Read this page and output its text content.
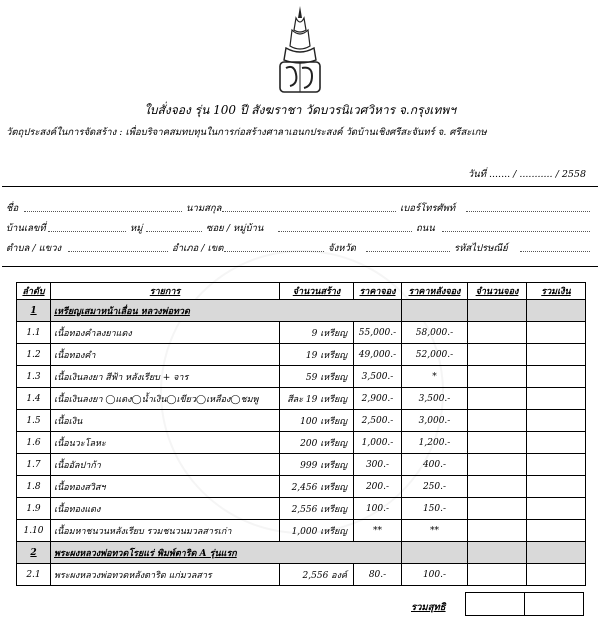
ใบสั่งจอง รุ่น 100 ปี สังฆราชา วัดบวรนิเวศวิหาร จ.กรุงเทพฯ
วัตถุประสงค์ในการจัดสร้าง : เพื่อบริจาคสมทบทุนในการก่อสร้างศาลาเอนกประสงค์ วัดบ้านเชิงศรีสะจันทร์ จ. ศรีสะเกษ
วันที่ ....... / ........... / 2558
ชื่อ	นามสกุล	เบอร์โทรศัพท์
บ้านเลขที่	หมู่	ซอย / หมู่บ้าน	ถนน
ตำบล / แขวง	อำเภอ / เขต	จังหวัด	รหัสไปรษณีย์
ลำดับ	รายการ	จำนวนสร้าง	ราคาจอง	ราคาหลังจอง	จำนวนจอง	รวมเงิน
1	เหรียญเสมาหน้าเลื่อน หลวงพ่อทวด					
1.1	เนื้อทองคำลงยาแดง	9 เหรียญ	55,000.-	58,000.-		
1.2	เนื้อทองคำ	19 เหรียญ	49,000.-	52,000.-		
1.3	เนื้อเงินลงยา สีฟ้า หลังเรียบ + จาร	59 เหรียญ	3,500.-	*		
1.4	เนื้อเงินลงยา ◯แดง◯น้ำเงิน◯เขียว◯เหลือง◯ชมพู	สีละ 19 เหรียญ	2,900.-	3,500.-		
1.5	เนื้อเงิน	100 เหรียญ	2,500.-	3,000.-		
1.6	เนื้อนวะโลหะ	200 เหรียญ	1,000.-	1,200.-		
1.7	เนื้ออัลปาก้า	999 เหรียญ	300.-	400.-		
1.8	เนื้อทองสวิสฯ	2,456 เหรียญ	200.-	250.-		
1.9	เนื้อทองแดง	2,556 เหรียญ	100.-	150.-		
1.10	เนื้อมหาชนวนหลังเรียบ รวมชนวนมวลสารเก่า	1,000 เหรียญ	**	**		
2	พระผงหลวงพ่อทวดโรยแร่ พิมพ์ตาริด A รุ่นแรก					
2.1	พระผงหลวงพ่อทวดหลังตาริด แก่มวลสาร	2,556 องค์	80.-	100.-		
รวมสุทธิ
